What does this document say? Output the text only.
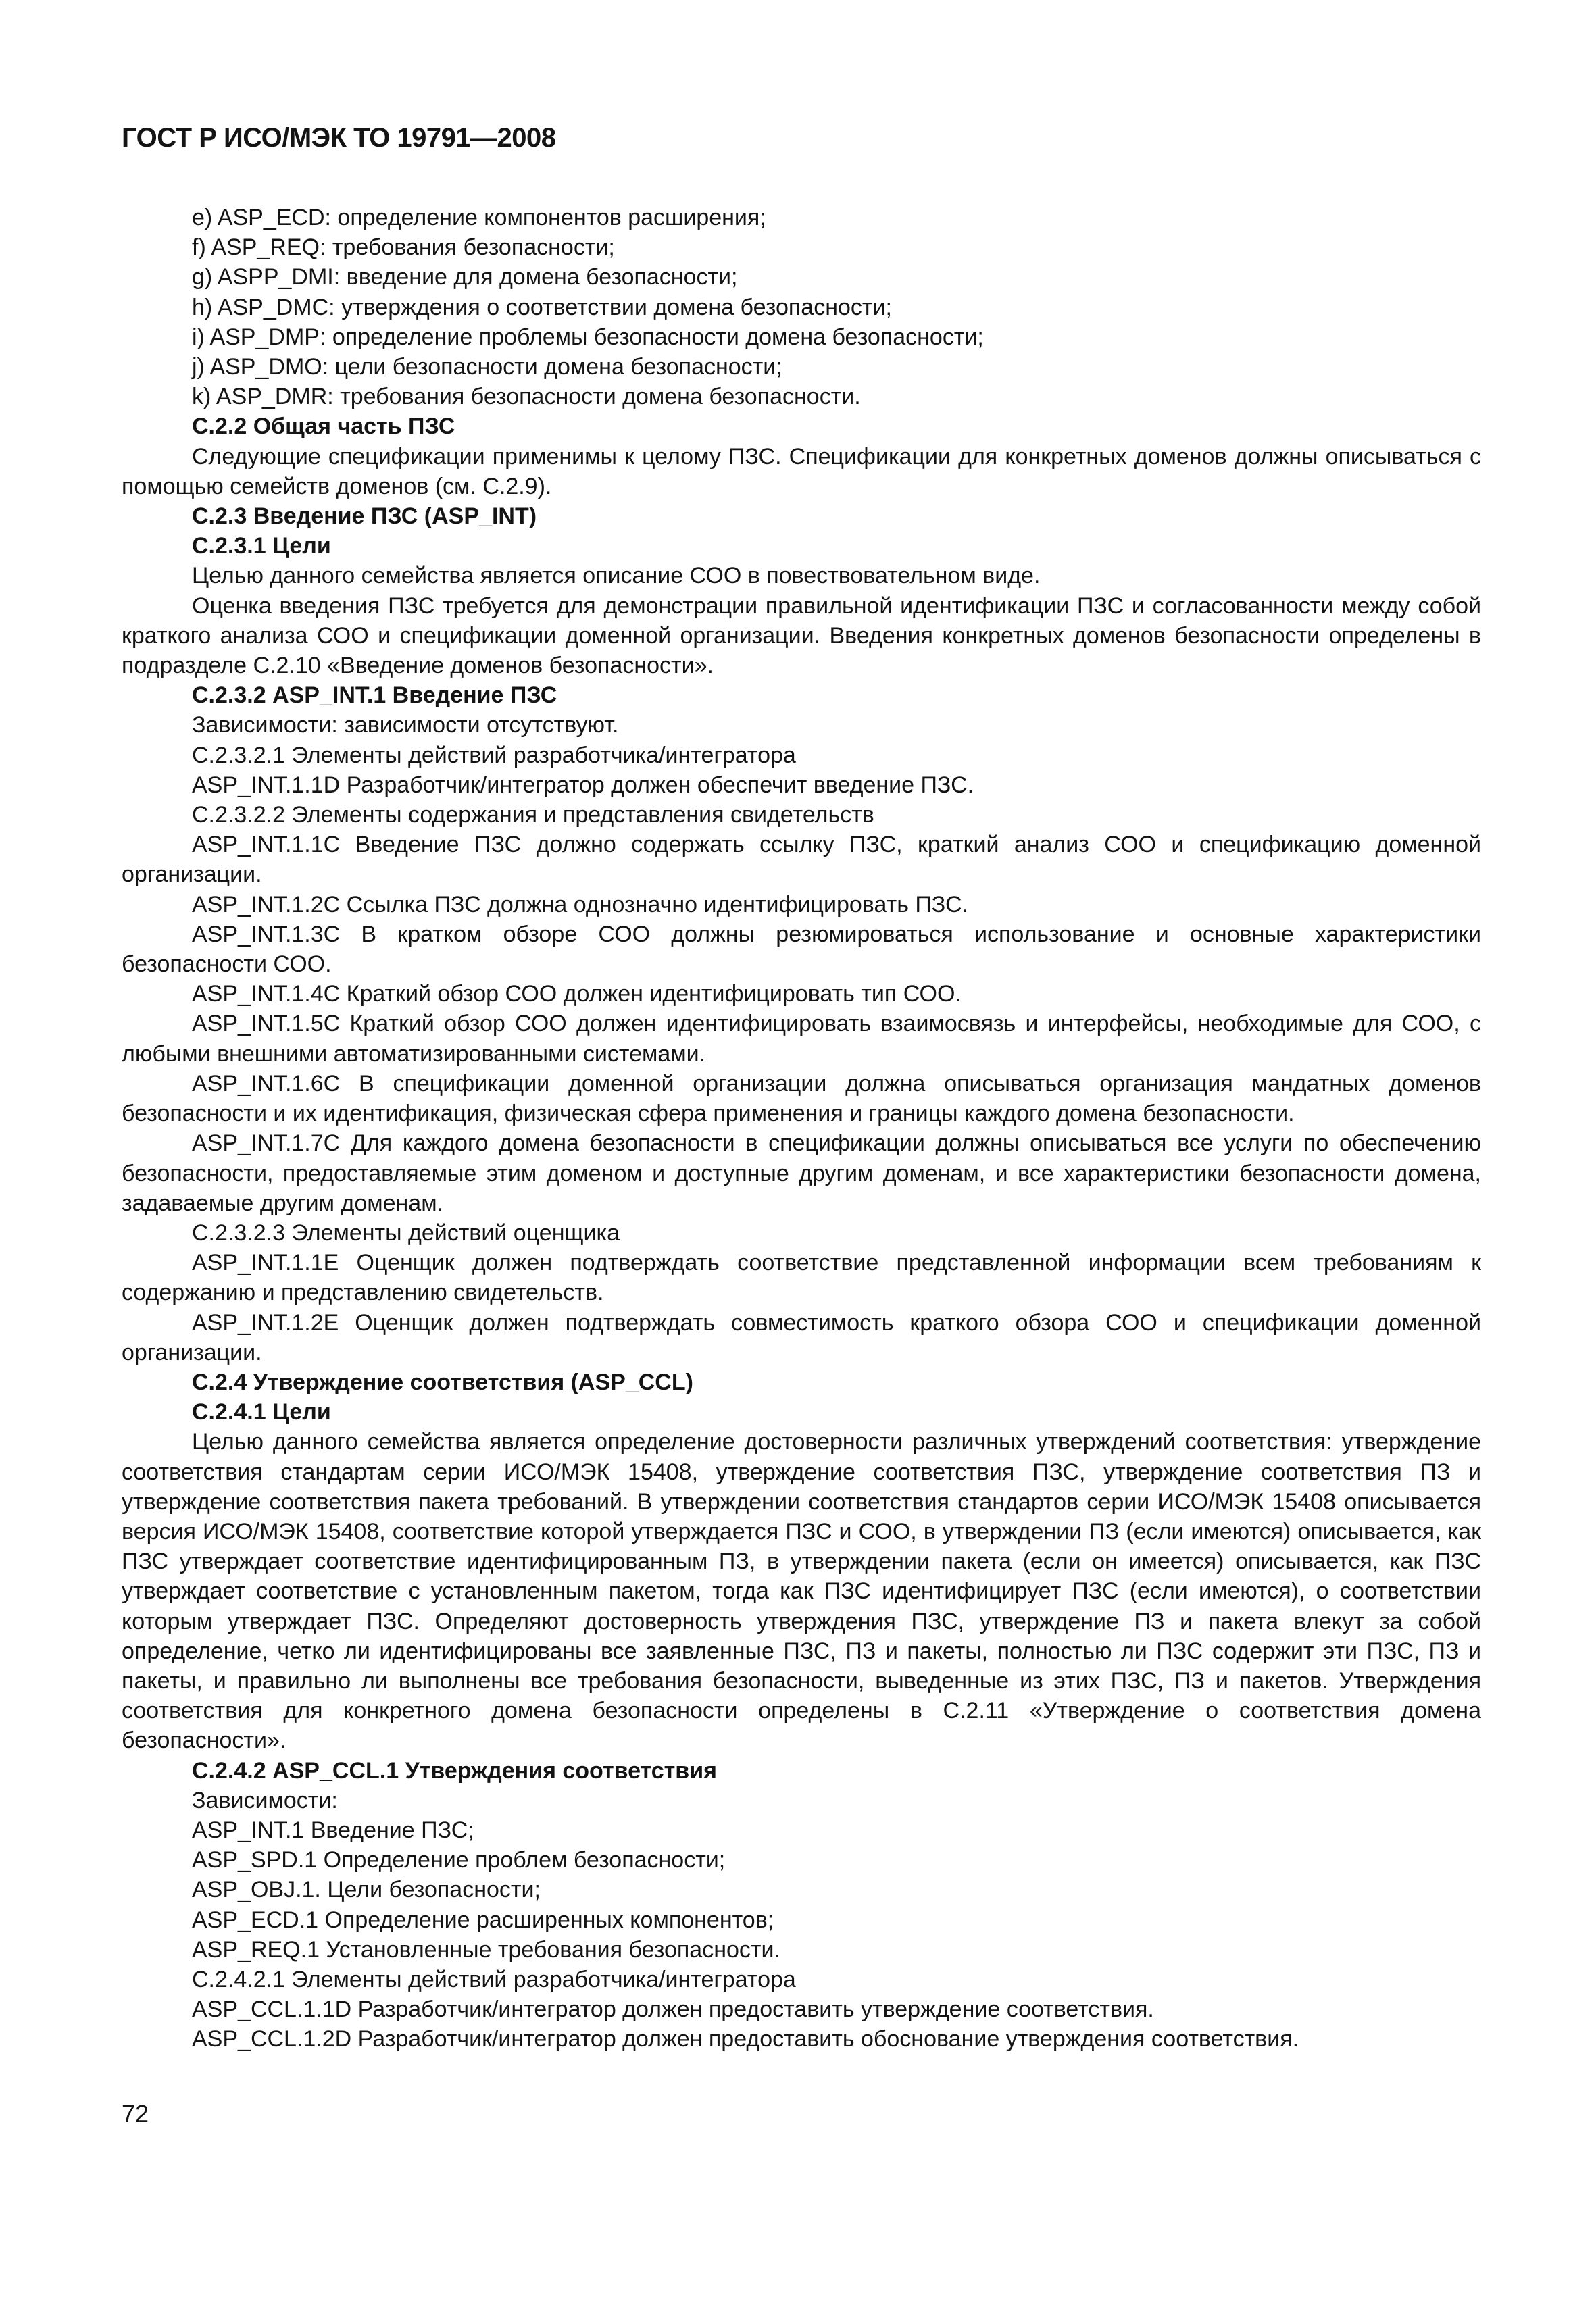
ГОСТ Р ИСО/МЭК ТО 19791—2008
e) ASP_ECD: определение компонентов расширения;
f) ASP_REQ: требования безопасности;
g) ASPP_DMI: введение для домена безопасности;
h) ASP_DMC: утверждения о соответствии домена безопасности;
i) ASP_DMP: определение проблемы безопасности домена безопасности;
j) ASP_DMO: цели безопасности домена безопасности;
k) ASP_DMR: требования безопасности домена безопасности.
C.2.2 Общая часть ПЗС
Следующие спецификации применимы к целому ПЗС. Спецификации для конкретных доменов должны описываться с помощью семейств доменов (см. С.2.9).
С.2.3 Введение ПЗС (ASP_INT)
С.2.3.1 Цели
Целью данного семейства является описание СОО в повествовательном виде.
Оценка введения ПЗС требуется для демонстрации правильной идентификации ПЗС и согласованности между собой краткого анализа СОО и спецификации доменной организации. Введения конкретных доменов безопасности определены в подразделе С.2.10 «Введение доменов безопасности».
С.2.3.2 ASP_INT.1 Введение ПЗС
Зависимости: зависимости отсутствуют.
С.2.3.2.1 Элементы действий разработчика/интегратора
ASP_INT.1.1D Разработчик/интегратор должен обеспечит введение ПЗС.
С.2.3.2.2 Элементы содержания и представления свидетельств
ASP_INT.1.1C Введение ПЗС должно содержать ссылку ПЗС, краткий анализ СОО и спецификацию доменной организации.
ASP_INT.1.2C Ссылка ПЗС должна однозначно идентифицировать ПЗС.
ASP_INT.1.3C В кратком обзоре СОО должны резюмироваться использование и основные характеристики безопасности СОО.
ASP_INT.1.4C Краткий обзор СОО должен идентифицировать тип СОО.
ASP_INT.1.5C Краткий обзор СОО должен идентифицировать взаимосвязь и интерфейсы, необходимые для СОО, с любыми внешними автоматизированными системами.
ASP_INT.1.6C В спецификации доменной организации должна описываться организация мандатных доменов безопасности и их идентификация, физическая сфера применения и границы каждого домена безопасности.
ASP_INT.1.7C Для каждого домена безопасности в спецификации должны описываться все услуги по обеспечению безопасности, предоставляемые этим доменом и доступные другим доменам, и все характеристики безопасности домена, задаваемые другим доменам.
С.2.3.2.3 Элементы действий оценщика
ASP_INT.1.1E Оценщик должен подтверждать соответствие представленной информации всем требованиям к содержанию и представлению свидетельств.
ASP_INT.1.2E Оценщик должен подтверждать совместимость краткого обзора СОО и спецификации доменной организации.
С.2.4 Утверждение соответствия (ASP_CCL)
С.2.4.1 Цели
Целью данного семейства является определение достоверности различных утверждений соответствия: утверждение соответствия стандартам серии ИСО/МЭК 15408, утверждение соответствия ПЗС, утверждение соответствия ПЗ и утверждение соответствия пакета требований. В утверждении соответствия стандартов серии ИСО/МЭК 15408 описывается версия ИСО/МЭК 15408, соответствие которой утверждается ПЗС и СОО, в утверждении ПЗ (если имеются) описывается, как ПЗС утверждает соответствие идентифицированным ПЗ, в утверждении пакета (если он имеется) описывается, как ПЗС утверждает соответствие с установленным пакетом, тогда как ПЗС идентифицирует ПЗС (если имеются), о соответствии которым утверждает ПЗС. Определяют достоверность утверждения ПЗС, утверждение ПЗ и пакета влекут за собой определение, четко ли идентифицированы все заявленные ПЗС, ПЗ и пакеты, полностью ли ПЗС содержит эти ПЗС, ПЗ и пакеты, и правильно ли выполнены все требования безопасности, выведенные из этих ПЗС, ПЗ и пакетов. Утверждения соответствия для конкретного домена безопасности определены в С.2.11 «Утверждение о соответствия домена безопасности».
С.2.4.2 ASP_CCL.1 Утверждения соответствия
Зависимости:
ASP_INT.1 Введение ПЗС;
ASP_SPD.1 Определение проблем безопасности;
ASP_OBJ.1. Цели безопасности;
ASP_ECD.1 Определение расширенных компонентов;
ASP_REQ.1 Установленные требования безопасности.
С.2.4.2.1 Элементы действий разработчика/интегратора
ASP_CCL.1.1D Разработчик/интегратор должен предоставить утверждение соответствия.
ASP_CCL.1.2D Разработчик/интегратор должен предоставить обоснование утверждения соответствия.
72
